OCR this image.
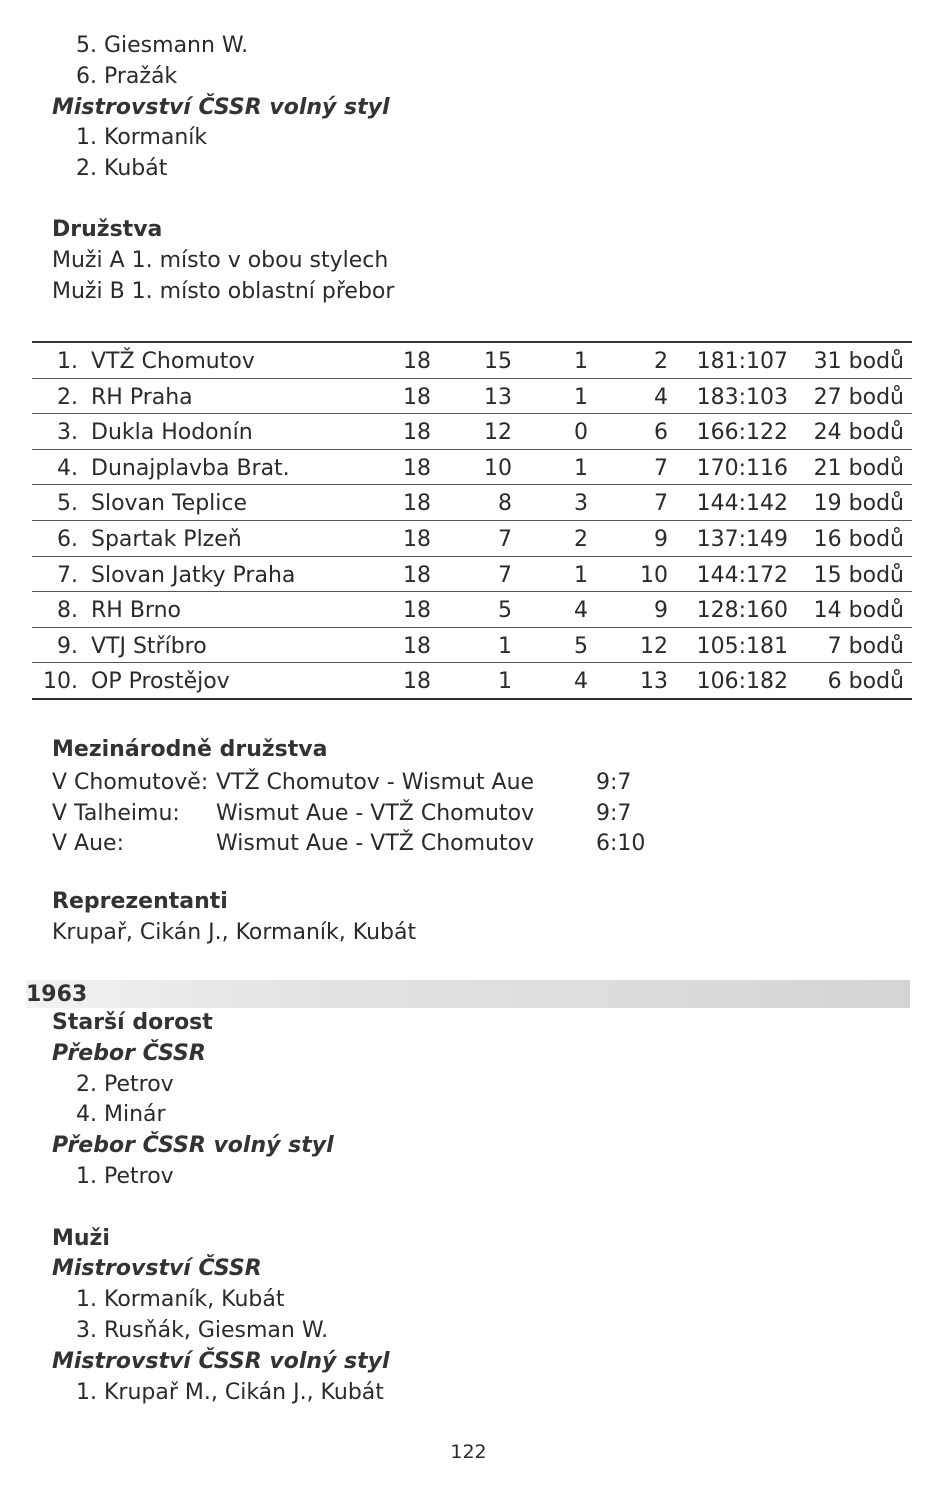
5. Giesmann W.
6. Pražák
Mistrovství ČSSR volný styl
1. Kormaník
2. Kubát
Družstva
Muži A 1. místo v obou stylech
Muži B 1. místo oblastní přebor
1. VTŽ Chomutov	18	15	1	2 181:107	31 bodů
2. RH Praha	18	13	1	4 183:103	27 bodů
3. Dukla Hodonín	18	12	0	6 166:122	24 bodů
4. Dunajplavba Brat.	18	10	1	7 170:116	21 bodů
5. Slovan Teplice	18	8	3	7 144:142	19 bodů
6. Spartak Plzeň	18	7	2	9 137:149	16 bodů
7. Slovan Jatky Praha	18	7	1	10 144:172	15 bodů
8. RH Brno	18	5	4	9 128:160	14 bodů
9. VTJ Stříbro	18	1	5	12 105:181	7 bodů
10. OP Prostějov	18	1	4	13 106:182	6 bodů
Mezinárodně družstva
V Chomutově: VTŽ Chomutov - Wismut Aue	9:7
V Talheimu: Wismut Aue - VTŽ Chomutov	9:7
V Aue:	Wismut Aue - VTŽ Chomutov	6:10
Reprezentanti
Krupař, Cikán J., Kormaník, Kubát
1963
Starší dorost
Přebor ČSSR
2. Petrov
4. Minár
Přebor ČSSR volný styl
1. Petrov
Muži
Mistrovství ČSSR
1. Kormaník, Kubát
3. Rusňák, Giesman W.
Mistrovství ČSSR volný styl
1. Krupař M., Cikán J., Kubát
122
